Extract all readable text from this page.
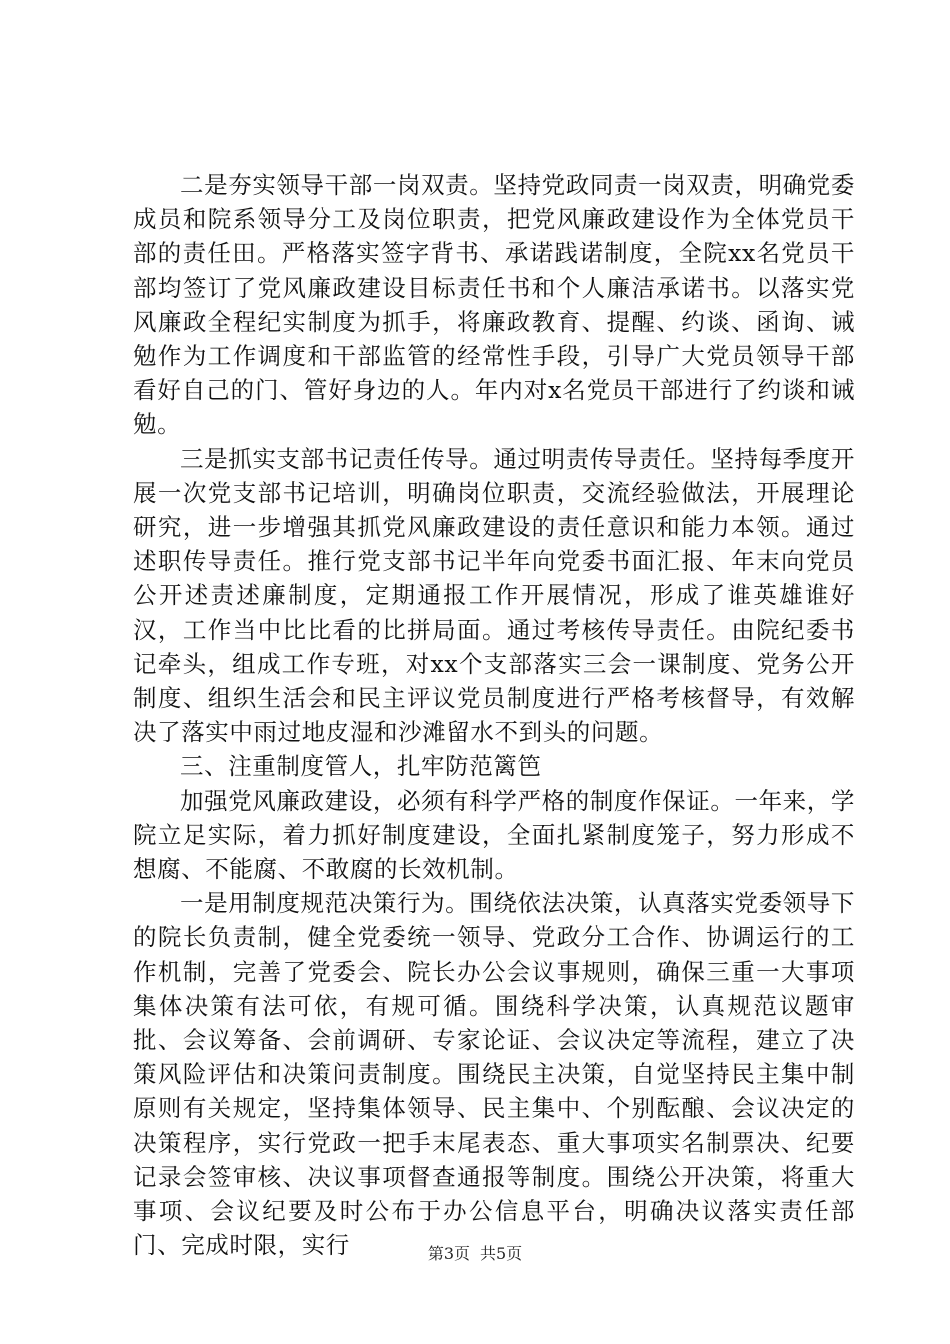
二是夯实领导干部一岗双责。坚持党政同责一岗双责，明确党委成员和院系领导分工及岗位职责，把党风廉政建设作为全体党员干部的责任田。严格落实签字背书、承诺践诺制度，全院xx名党员干部均签订了党风廉政建设目标责任书和个人廉洁承诺书。以落实党风廉政全程纪实制度为抓手，将廉政教育、提醒、约谈、函询、诫勉作为工作调度和干部监管的经常性手段，引导广大党员领导干部看好自己的门、管好身边的人。年内对x名党员干部进行了约谈和诫勉。

三是抓实支部书记责任传导。通过明责传导责任。坚持每季度开展一次党支部书记培训，明确岗位职责，交流经验做法，开展理论研究，进一步增强其抓党风廉政建设的责任意识和能力本领。通过述职传导责任。推行党支部书记半年向党委书面汇报、年末向党员公开述责述廉制度，定期通报工作开展情况，形成了谁英雄谁好汉，工作当中比比看的比拼局面。通过考核传导责任。由院纪委书记牵头，组成工作专班，对xx个支部落实三会一课制度、党务公开制度、组织生活会和民主评议党员制度进行严格考核督导，有效解决了落实中雨过地皮湿和沙滩留水不到头的问题。

三、注重制度管人，扎牢防范篱笆

加强党风廉政建设，必须有科学严格的制度作保证。一年来，学院立足实际，着力抓好制度建设，全面扎紧制度笼子，努力形成不想腐、不能腐、不敢腐的长效机制。

一是用制度规范决策行为。围绕依法决策，认真落实党委领导下的院长负责制，健全党委统一领导、党政分工合作、协调运行的工作机制，完善了党委会、院长办公会议事规则，确保三重一大事项集体决策有法可依，有规可循。围绕科学决策，认真规范议题审批、会议筹备、会前调研、专家论证、会议决定等流程，建立了决策风险评估和决策问责制度。围绕民主决策，自觉坚持民主集中制原则有关规定，坚持集体领导、民主集中、个别酝酿、会议决定的决策程序，实行党政一把手末尾表态、重大事项实名制票决、纪要记录会签审核、决议事项督查通报等制度。围绕公开决策，将重大事项、会议纪要及时公布于办公信息平台，明确决议落实责任部门、完成时限，实行	第3页 共5页
